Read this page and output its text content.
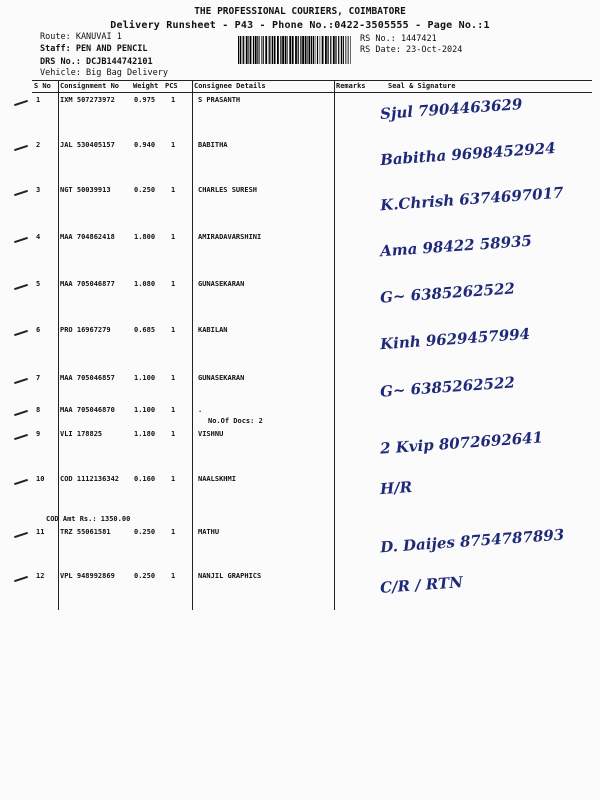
THE PROFESSIONAL COURIERS, COIMBATORE
Delivery Runsheet - P43 - Phone No.:0422-3505555 - Page No.:1
Route: KANUVAI 1
Staff: PEN AND PENCIL
DRS No.: DCJB144742101
Vehicle: Big Bag Delivery
RS No.: 1447421
RS Date: 23-Oct-2024
S No Consignment No Weight PCS Consignee Details	Remarks	Seal & Signature
1	IXM 507273972	0.975 1	S PRASANTH	Sjul 7904463629
2	JAL 530405157	0.940 1	BABITHA	Babitha 9698452924
3	NGT 50039913	0.250 1	CHARLES SURESH	K.Chrish 6374697017
4	MAA 704862418	1.800 1	AMIRADAVARSHINI	Ama 98422 58935
5	MAA 705046877	1.080 1	GUNASEKARAN	G~ 6385262522
6	PRO 16967279	0.685 1	KABILAN	Kinh 9629457994
7	MAA 705046857	1.100 1	GUNASEKARAN	G~ 6385262522
8	MAA 705046870	1.100 1	.
9	VLI 178825	1.180 1	VISHNU	2 Kvip 8072692641
10 COD 1112136342 0.160 1	NAALSKHMI	H/R
11 TRZ 55061581	0.250 1	MATHU	D. Daijes 8754787893
12 VPL 948992869	0.250 1	NANJIL GRAPHICS	C/R / RTN
No.Of Docs: 2
COD Amt Rs.: 1350.00
